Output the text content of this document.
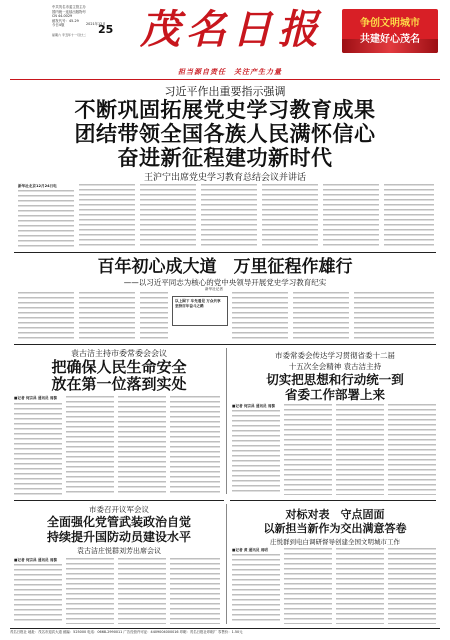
中共茂名市委主管主办
国内统一连续出版物号
CN 44-0029
邮发代号：45-29
今日4版	2021年12月
25
星期六 辛丑年十一月廿二 茂名日报
担当源自责任　关注产生力量
争创文明城市
共建好心茂名
习近平作出重要指示强调
不断巩固拓展党史学习教育成果
团结带领全国各族人民满怀信心
奋进新征程建功新时代
王沪宁出席党史学习教育总结会议并讲话
新华社北京12月24日电
百年初心成大道　万里征程作雄行
——以习近平同志为核心的党中央领导开展党史学习教育纪实
新华社记者
以上图下 车先看见 万众共享 坚持百年奋斗之路
袁古洁主持市委常委会会议
把确保人民生命安全
放在第一位落到实处
■记者 何宗昌 通讯员 周黎
市委常委会传达学习贯彻省委十二届
十五次全会精神 袁古洁主持
切实把思想和行动统一到
省委工作部署上来
■记者 何宗昌 通讯员 周黎
市委召开议军会议
全面强化党管武装政治自觉
持续提升国防动员建设水平
袁古洁庄悦群刘芳出席会议
■记者 何宗昌 通讯员 周黎
对标对表　守点固面
以新担当新作为交出满意答卷
庄悦群到电白调研督导创建全国文明城市工作
■记者 黄 通讯员 周明
茂名日报社 地址：茂名市迎宾大道 邮编：525000 电话：0668-2990011 广告经营许可证：4409004000016 印刷：茂名日报社印刷厂 零售价：1.50元
